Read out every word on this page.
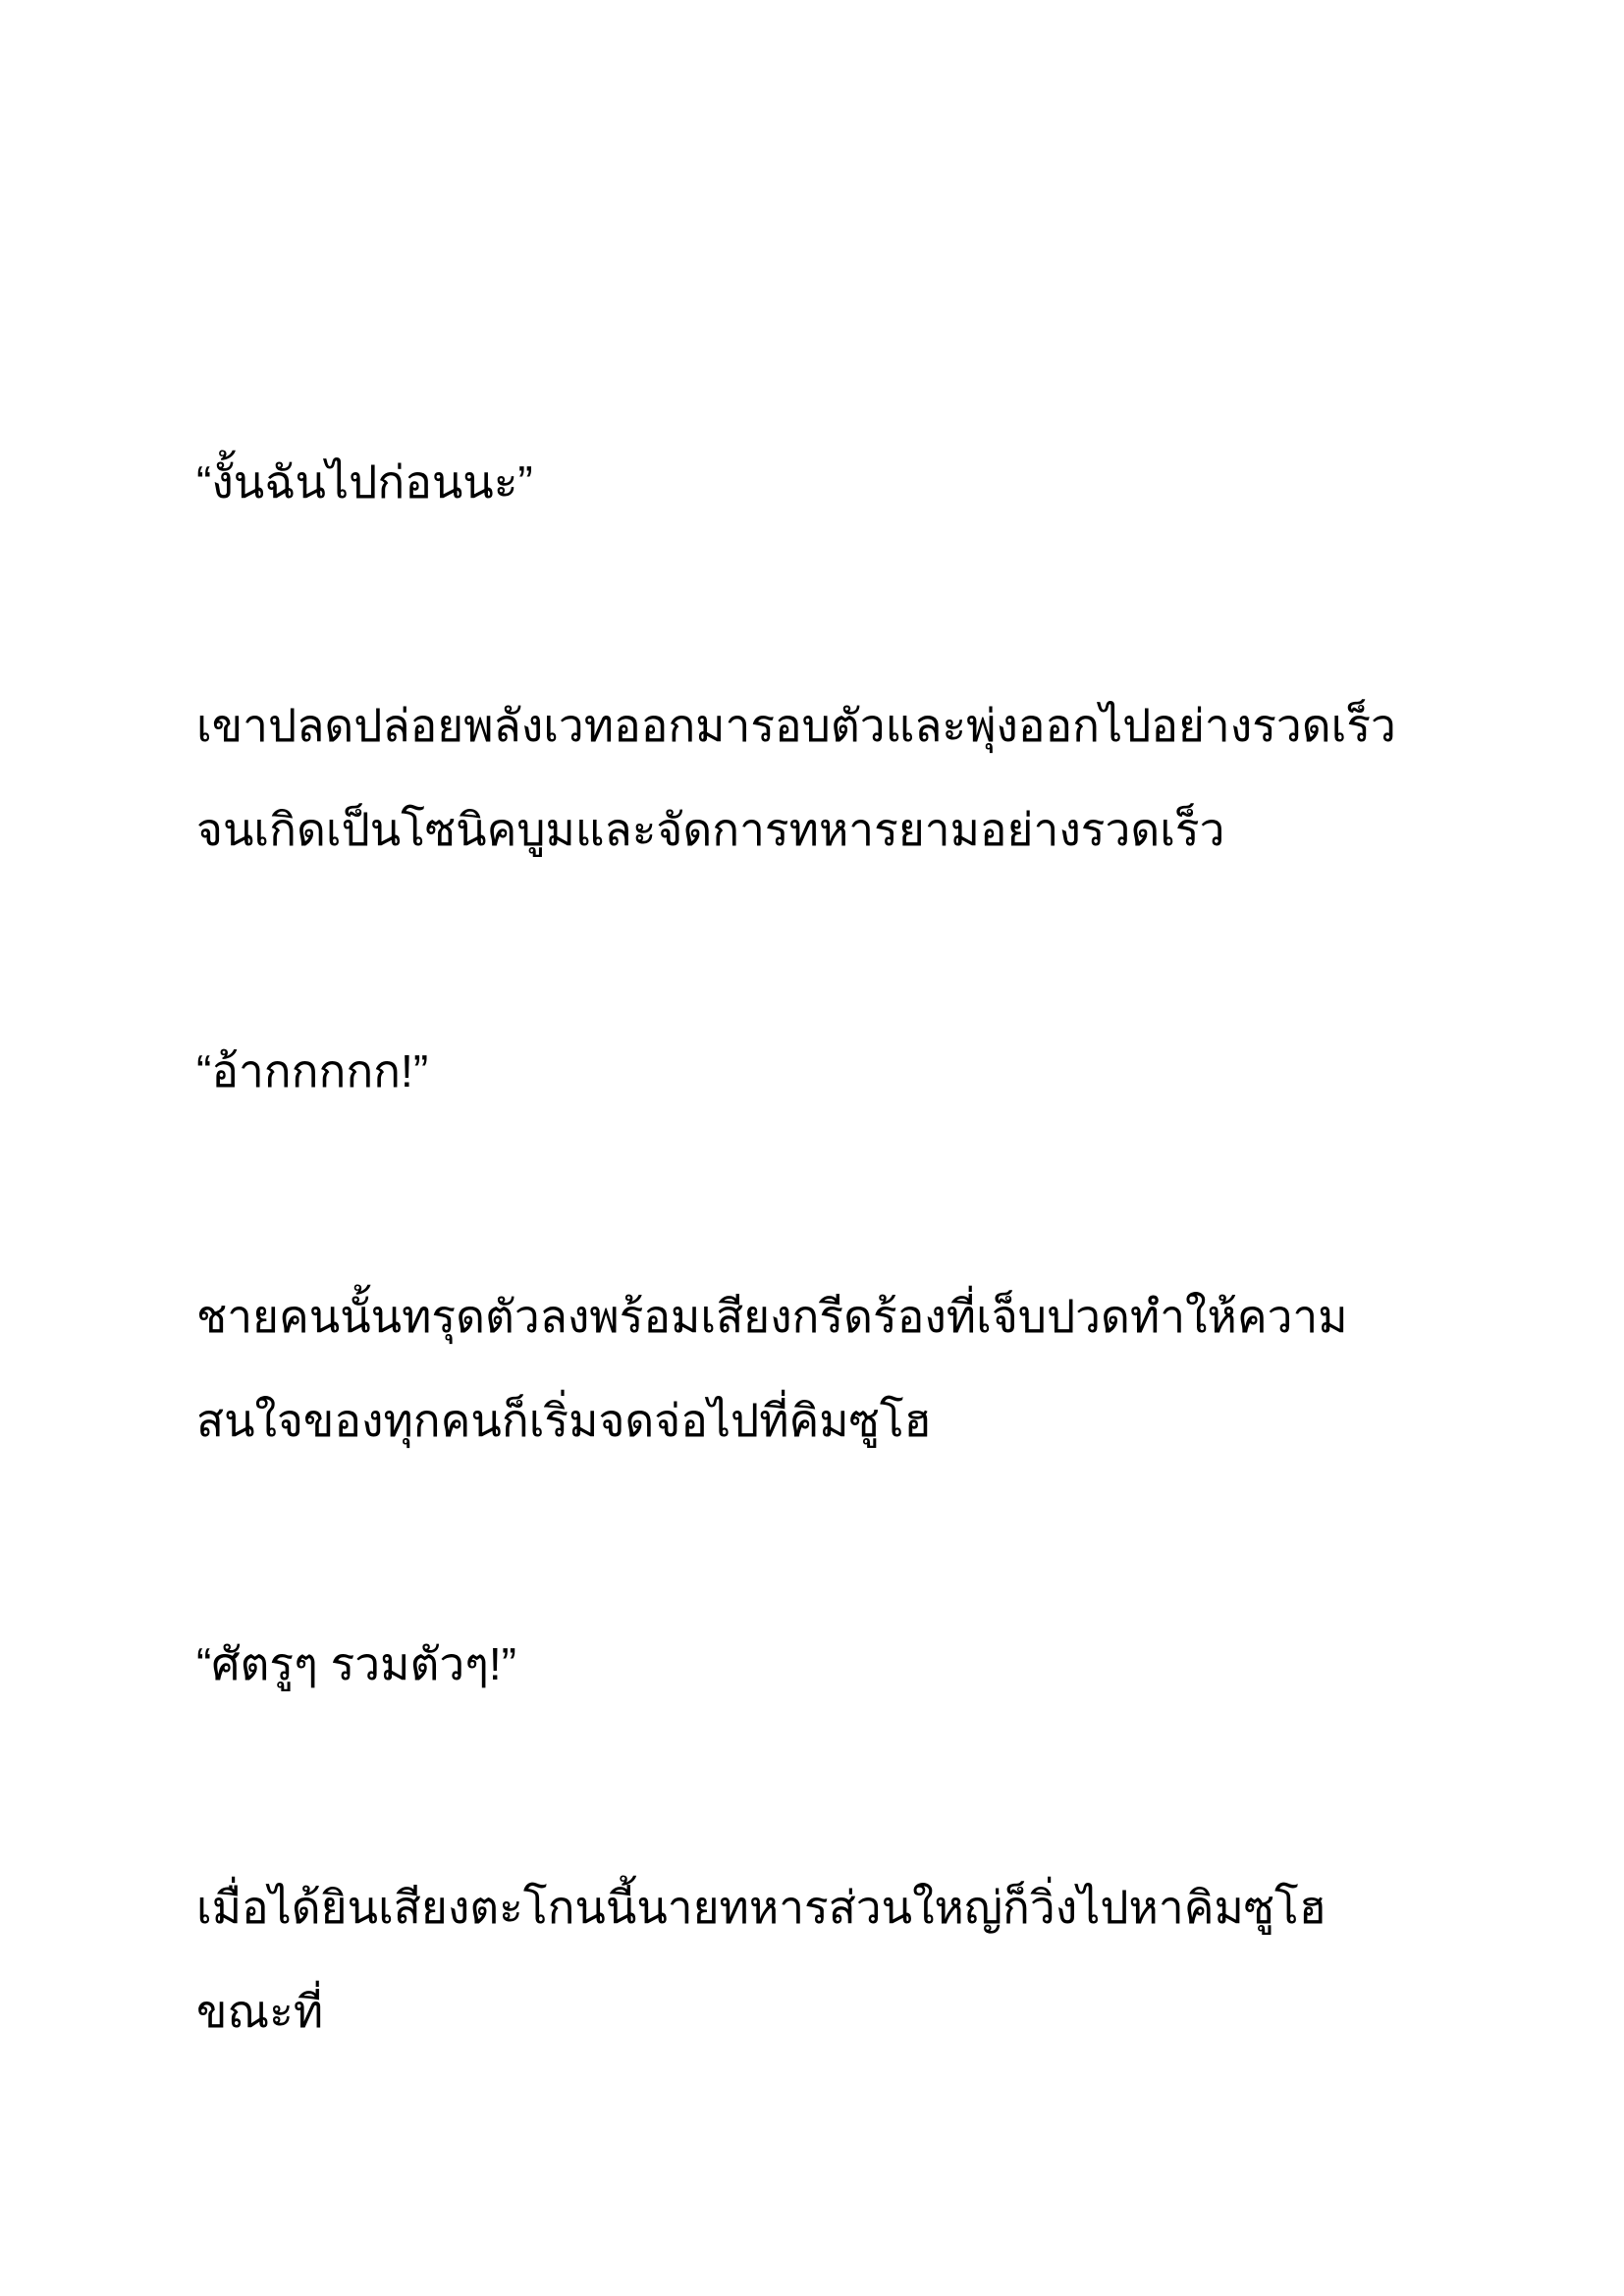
“งั้นฉันไปก่อนนะ”

เขาปลดปล่อยพลังเวทออกมารอบตัวและพุ่งออกไปอย่างรวดเร็ว

จนเกิดเป็นโซนิคบูมและจัดการทหารยามอย่างรวดเร็ว

“อ้ากกกกก!”

ชายคนนั้นทรุดตัวลงพร้อมเสียงกรีดร้องที่เจ็บปวดทำให้ความ

สนใจของทุกคนก็เริ่มจดจ่อไปที่คิมซูโฮ

“ศัตรูๆ รวมตัวๆ!”

เมื่อได้ยินเสียงตะโกนนี้นายทหารส่วนใหญ่ก็วิ่งไปหาคิมซูโฮ

ขณะที่
